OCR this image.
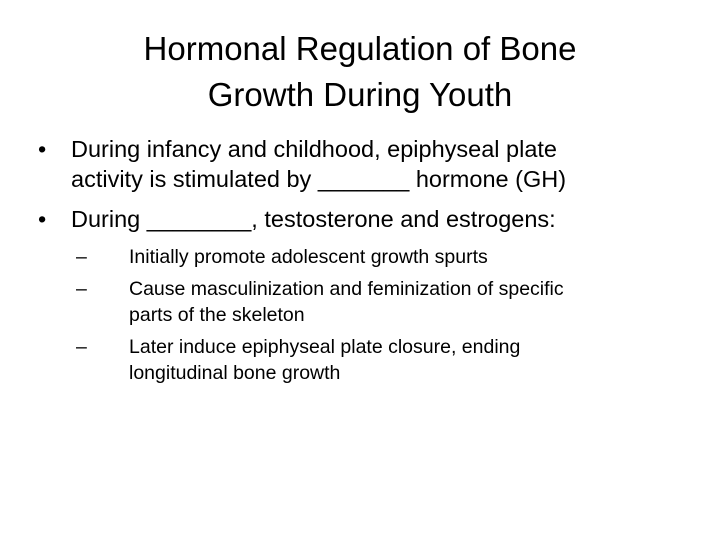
Hormonal Regulation of Bone
Growth During Youth
• During infancy and childhood, epiphyseal plate
activity is stimulated by _______ hormone (GH)
• During ________, testosterone and estrogens:
– Initially promote adolescent growth spurts
– Cause masculinization and feminization of specific
parts of the skeleton
– Later induce epiphyseal plate closure, ending
longitudinal bone growth
